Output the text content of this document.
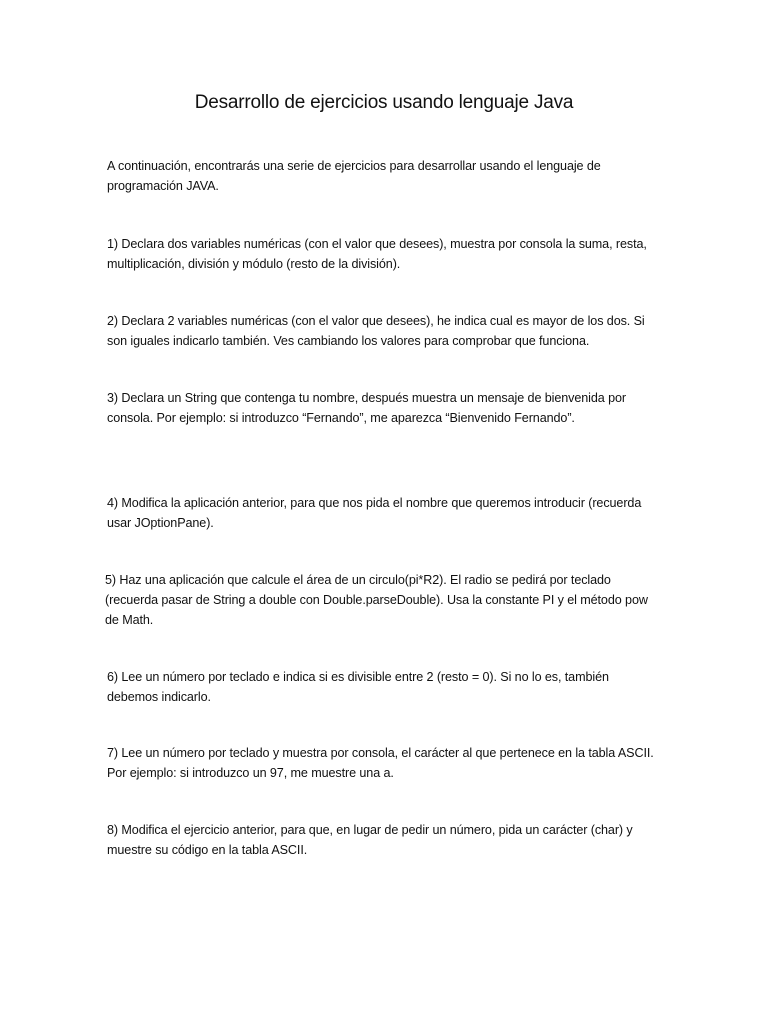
Desarrollo de ejercicios usando lenguaje Java

A continuación, encontrarás una serie de ejercicios para desarrollar usando el lenguaje de
programación JAVA.

1) Declara dos variables numéricas (con el valor que desees), muestra por consola la suma, resta,
multiplicación, división y módulo (resto de la división).

2) Declara 2 variables numéricas (con el valor que desees), he indica cual es mayor de los dos. Si
son iguales indicarlo también. Ves cambiando los valores para comprobar que funciona.

3) Declara un String que contenga tu nombre, después muestra un mensaje de bienvenida por
consola. Por ejemplo: si introduzco “Fernando”, me aparezca “Bienvenido Fernando”.

4) Modifica la aplicación anterior, para que nos pida el nombre que queremos introducir (recuerda
usar JOptionPane).

5) Haz una aplicación que calcule el área de un circulo(pi*R2). El radio se pedirá por teclado
(recuerda pasar de String a double con Double.parseDouble). Usa la constante PI y el método pow
de Math.

6) Lee un número por teclado e indica si es divisible entre 2 (resto = 0). Si no lo es, también
debemos indicarlo.

7) Lee un número por teclado y muestra por consola, el carácter al que pertenece en la tabla ASCII.
Por ejemplo: si introduzco un 97, me muestre una a.

8) Modifica el ejercicio anterior, para que, en lugar de pedir un número, pida un carácter (char) y
muestre su código en la tabla ASCII.
